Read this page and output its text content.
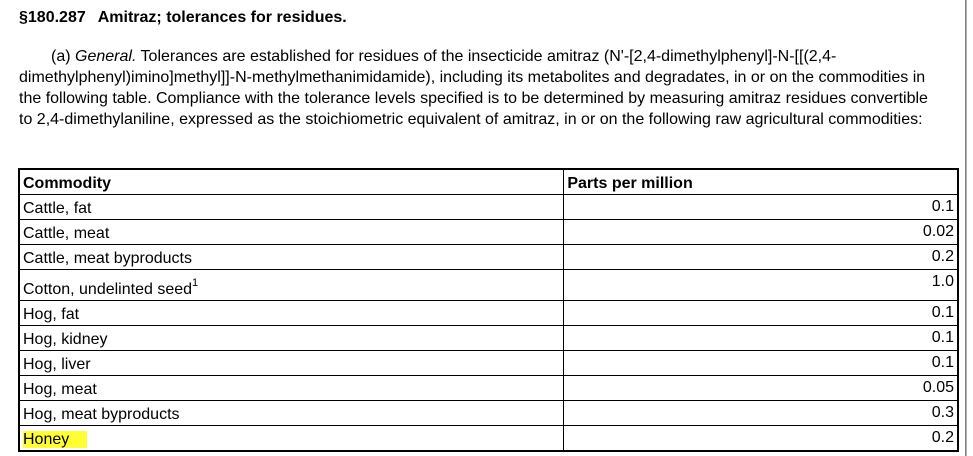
§180.287 Amitraz; tolerances for residues.
(a) General. Tolerances are established for residues of the insecticide amitraz (N'-[2,4-dimethylphenyl]-N-[[(2,4-dimethylphenyl)imino]methyl]]-N-methylmethanimidamide), including its metabolites and degradates, in or on the commodities in the following table. Compliance with the tolerance levels specified is to be determined by measuring amitraz residues convertible to 2,4-dimethylaniline, expressed as the stoichiometric equivalent of amitraz, in or on the following raw agricultural commodities:
Commodity	Parts per million
Cattle, fat	0.1
Cattle, meat	0.02
Cattle, meat byproducts	0.2
Cotton, undelinted seed$^1$	1.0
Hog, fat	0.1
Hog, kidney	0.1
Hog, liver	0.1
Hog, meat	0.05
Hog, meat byproducts	0.3
Honey	0.2
